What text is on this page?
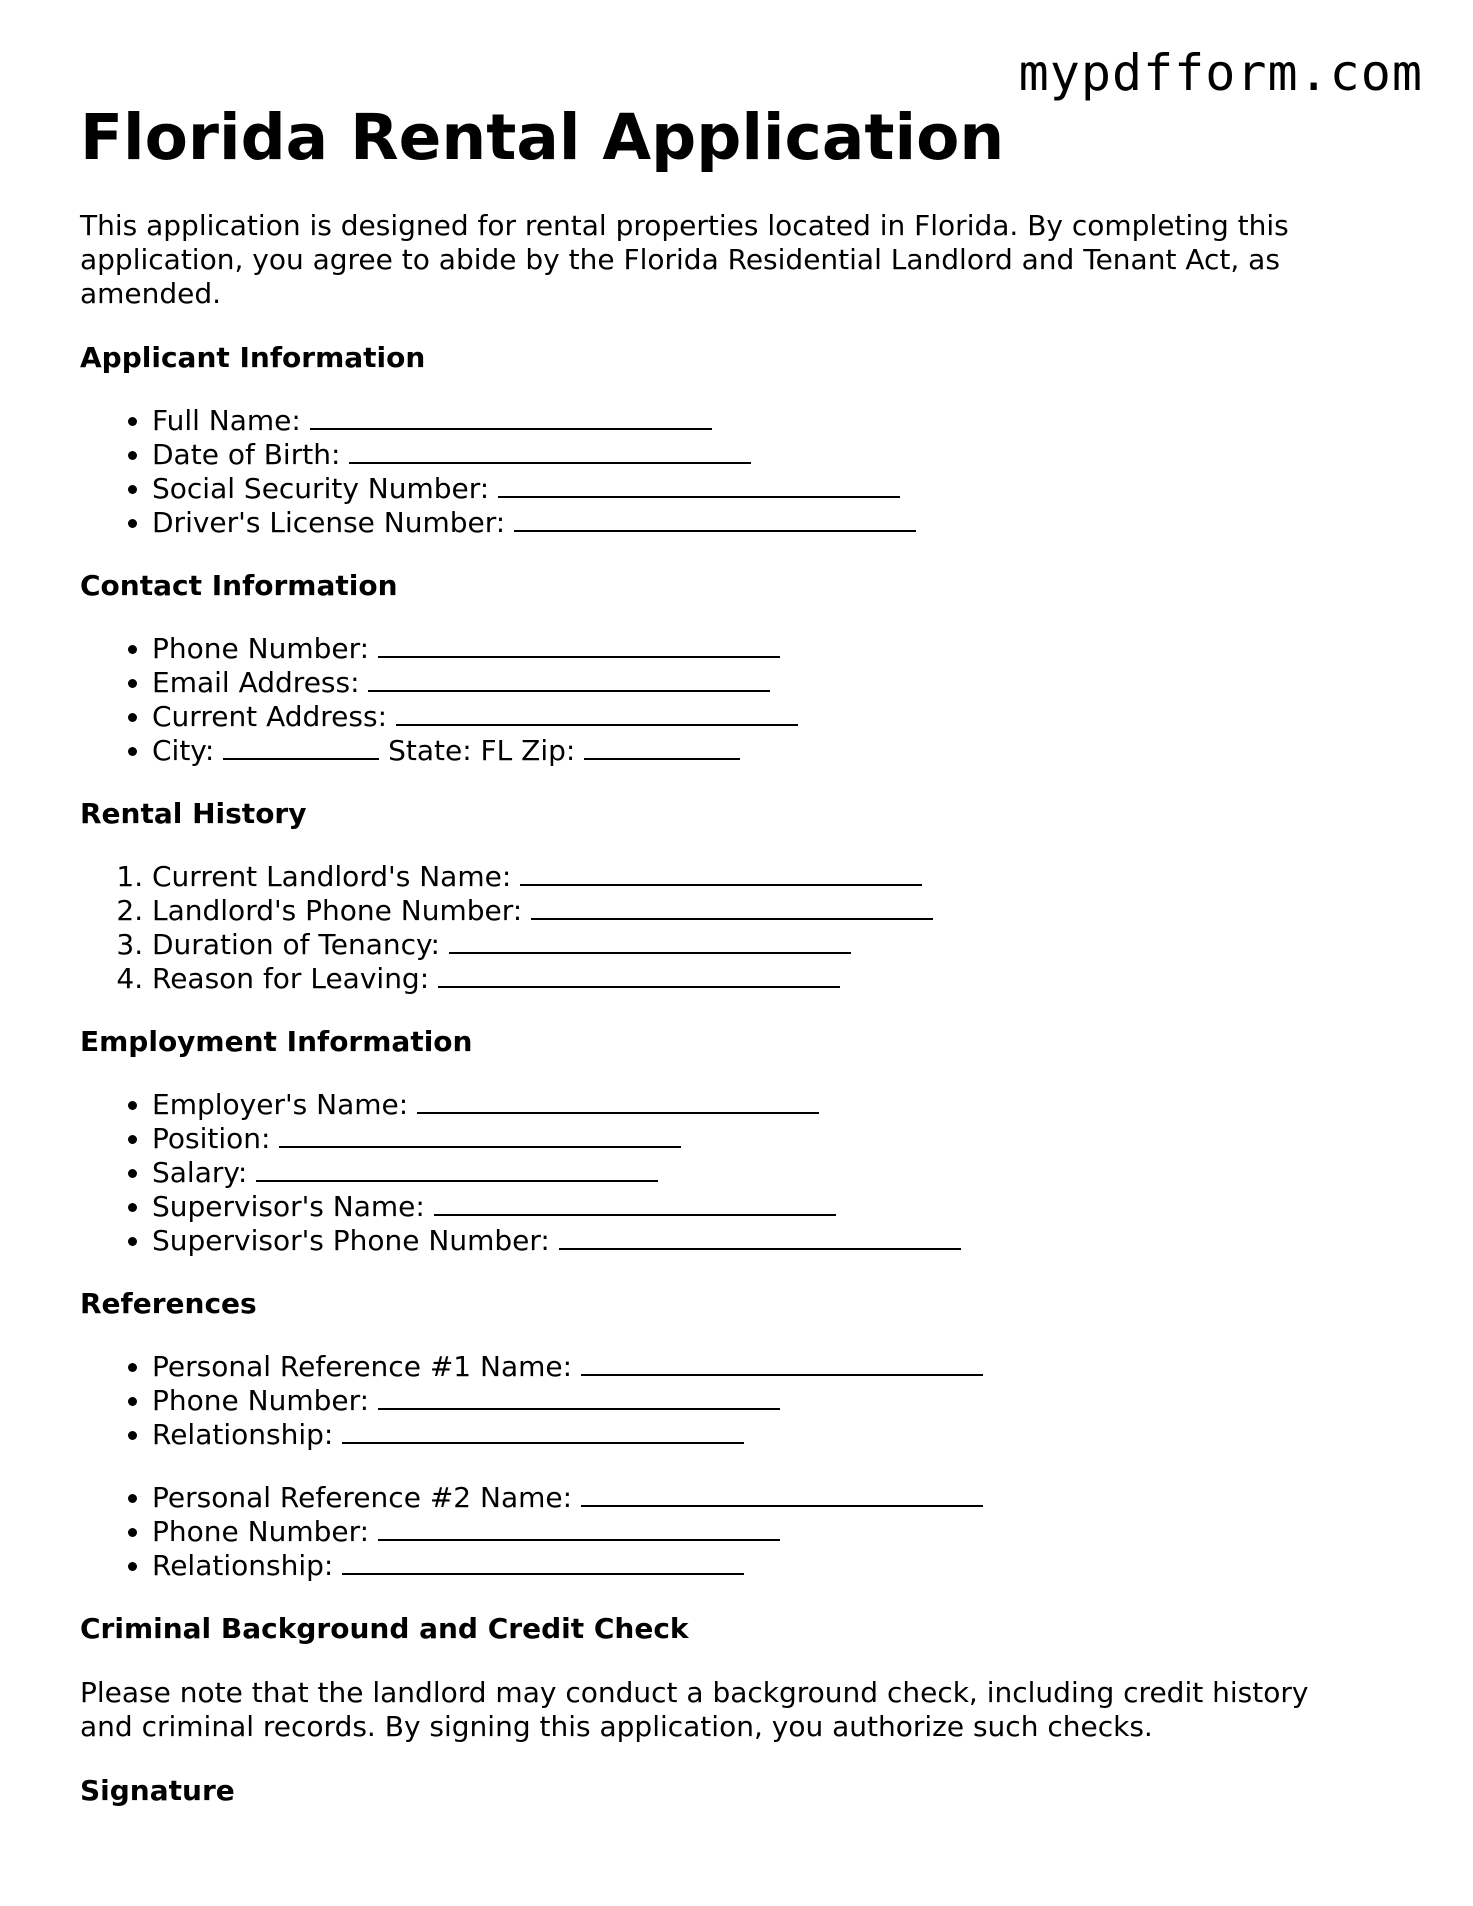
mypdfform.com
Florida Rental Application

This application is designed for rental properties located in Florida. By completing this application, you agree to abide by the Florida Residential Landlord and Tenant Act, as amended.

Applicant Information
• Full Name:
• Date of Birth:
• Social Security Number:
• Driver's License Number:
Contact Information
• Phone Number:
• Email Address:
• Current Address:
• City:	State: FL Zip:
Rental History
1. Current Landlord's Name:
2. Landlord's Phone Number:
3. Duration of Tenancy:
4. Reason for Leaving:
Employment Information
• Employer's Name:
• Position:
• Salary:
• Supervisor's Name:
• Supervisor's Phone Number:
References
• Personal Reference #1 Name:
• Phone Number:
• Relationship:
• Personal Reference #2 Name:
• Phone Number:
• Relationship:
Criminal Background and Credit Check

Please note that the landlord may conduct a background check, including credit history and criminal records. By signing this application, you authorize such checks.

Signature
